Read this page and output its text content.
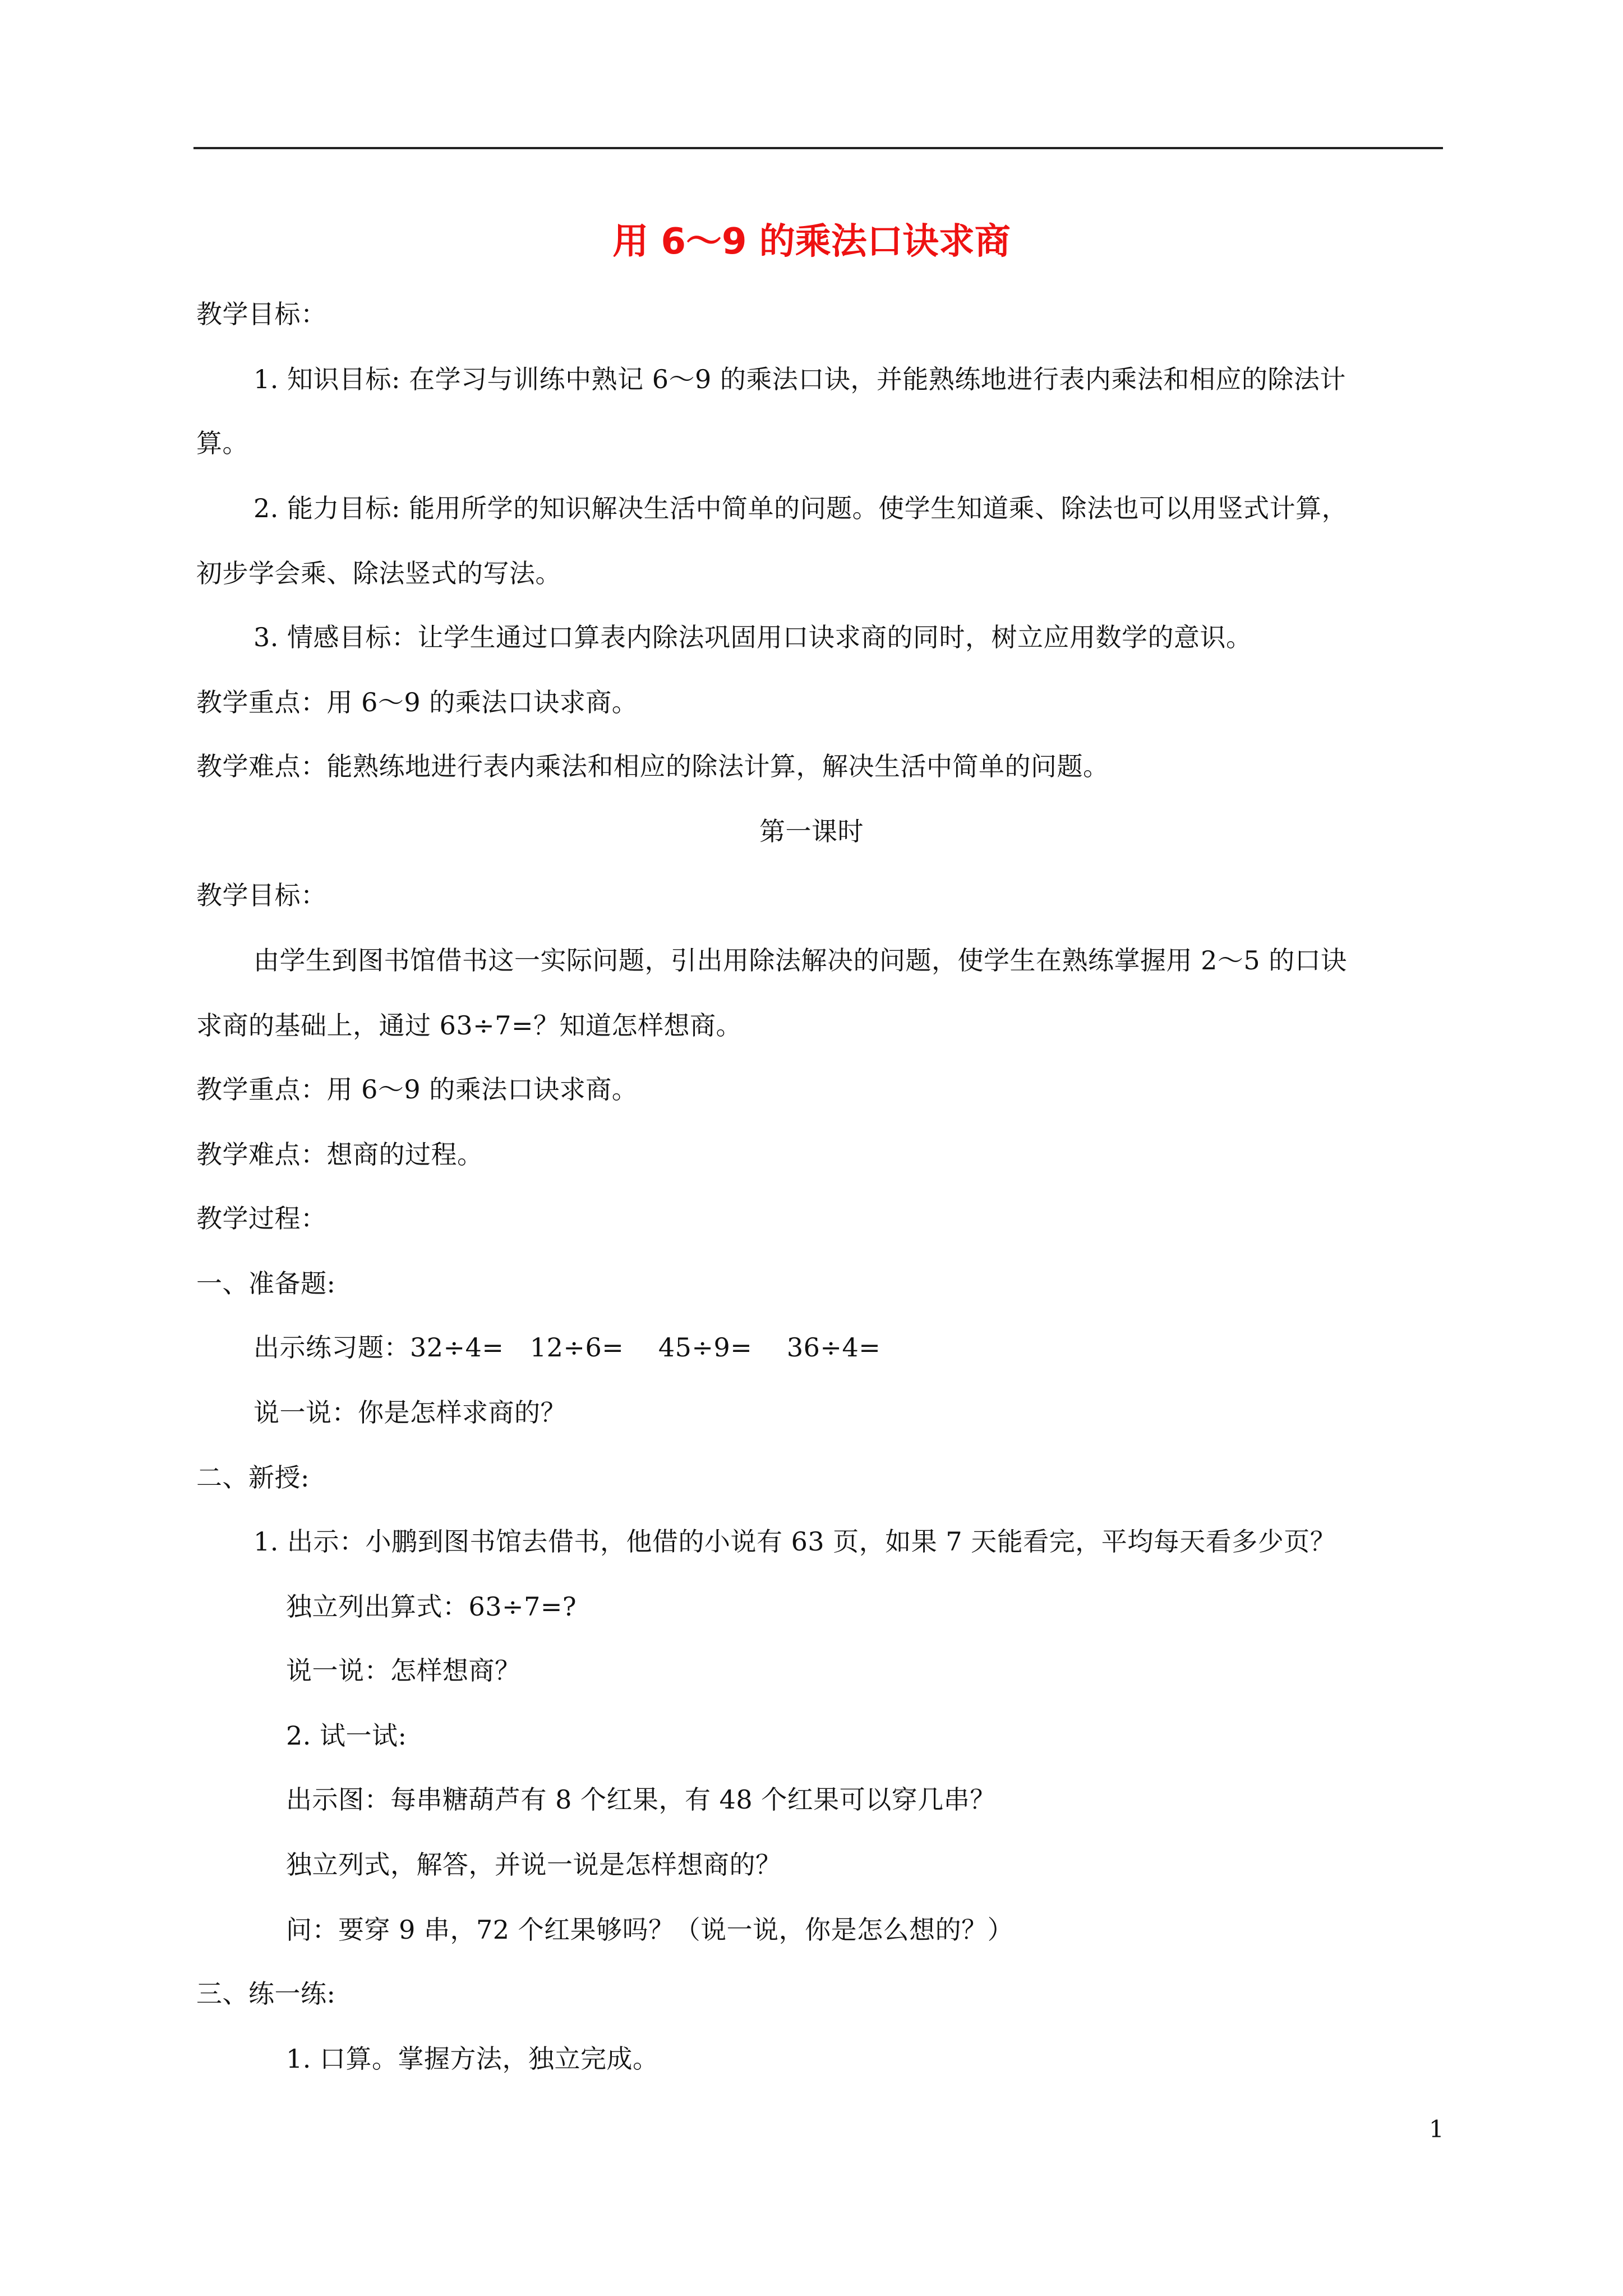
用 6～9 的乘法口诀求商
教学目标：
1. 知识目标: 在学习与训练中熟记 6～9 的乘法口诀，并能熟练地进行表内乘法和相应的除法计
算。
2. 能力目标: 能用所学的知识解决生活中简单的问题。使学生知道乘、除法也可以用竖式计算，
初步学会乘、除法竖式的写法。
3. 情感目标：让学生通过口算表内除法巩固用口诀求商的同时，树立应用数学的意识。
教学重点：用 6～9 的乘法口诀求商。
教学难点：能熟练地进行表内乘法和相应的除法计算，解决生活中简单的问题。
第一课时
教学目标：
由学生到图书馆借书这一实际问题，引出用除法解决的问题，使学生在熟练掌握用 2～5 的口诀
求商的基础上，通过 63÷7=？知道怎样想商。
教学重点：用 6～9 的乘法口诀求商。
教学难点：想商的过程。
教学过程：
一、准备题:
出示练习题：32÷4=　12÷6=　 45÷9=　 36÷4=
说一说：你是怎样求商的？
二、新授:
1. 出示：小鹏到图书馆去借书，他借的小说有 63 页，如果 7 天能看完，平均每天看多少页？
独立列出算式：63÷7=?
说一说：怎样想商？
2. 试一试:
出示图：每串糖葫芦有 8 个红果，有 48 个红果可以穿几串？
独立列式，解答，并说一说是怎样想商的？
问：要穿 9 串，72 个红果够吗？（说一说，你是怎么想的？）
三、练一练:
1. 口算。掌握方法，独立完成。
1
